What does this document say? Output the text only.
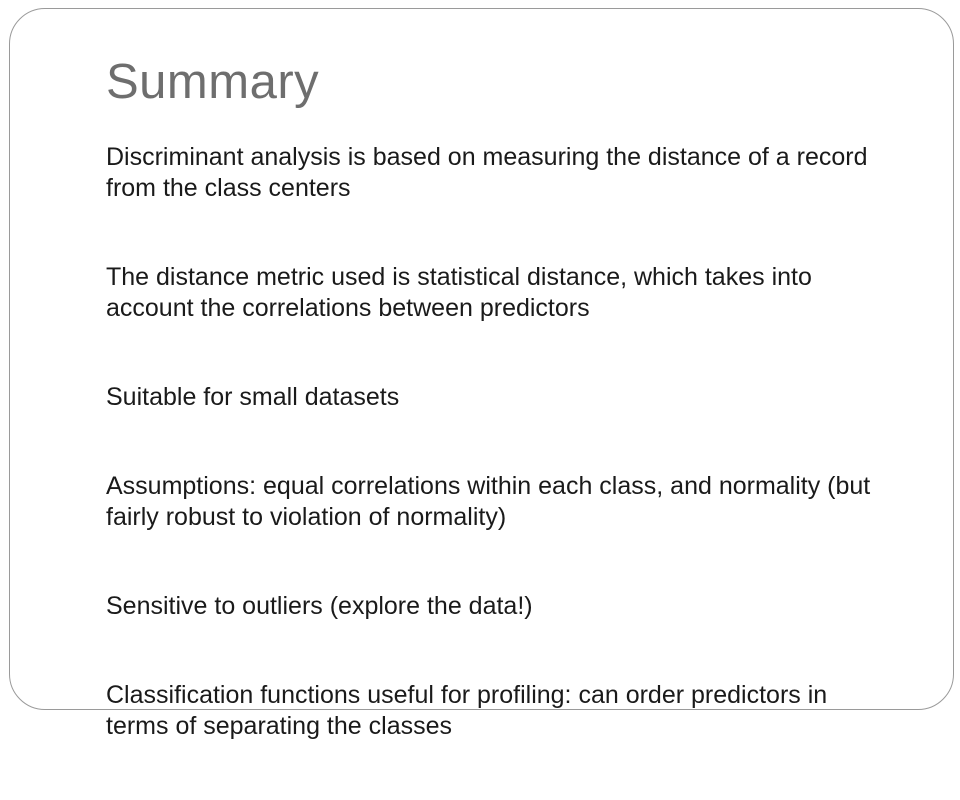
Summary
Discriminant analysis is based on measuring the distance of a record from the class centers
The distance metric used is statistical distance, which takes into account the correlations between predictors
Suitable for small datasets
Assumptions: equal correlations within each class, and normality (but fairly robust to violation of normality)
Sensitive to outliers (explore the data!)
Classification functions useful for profiling: can order predictors in terms of separating the classes
